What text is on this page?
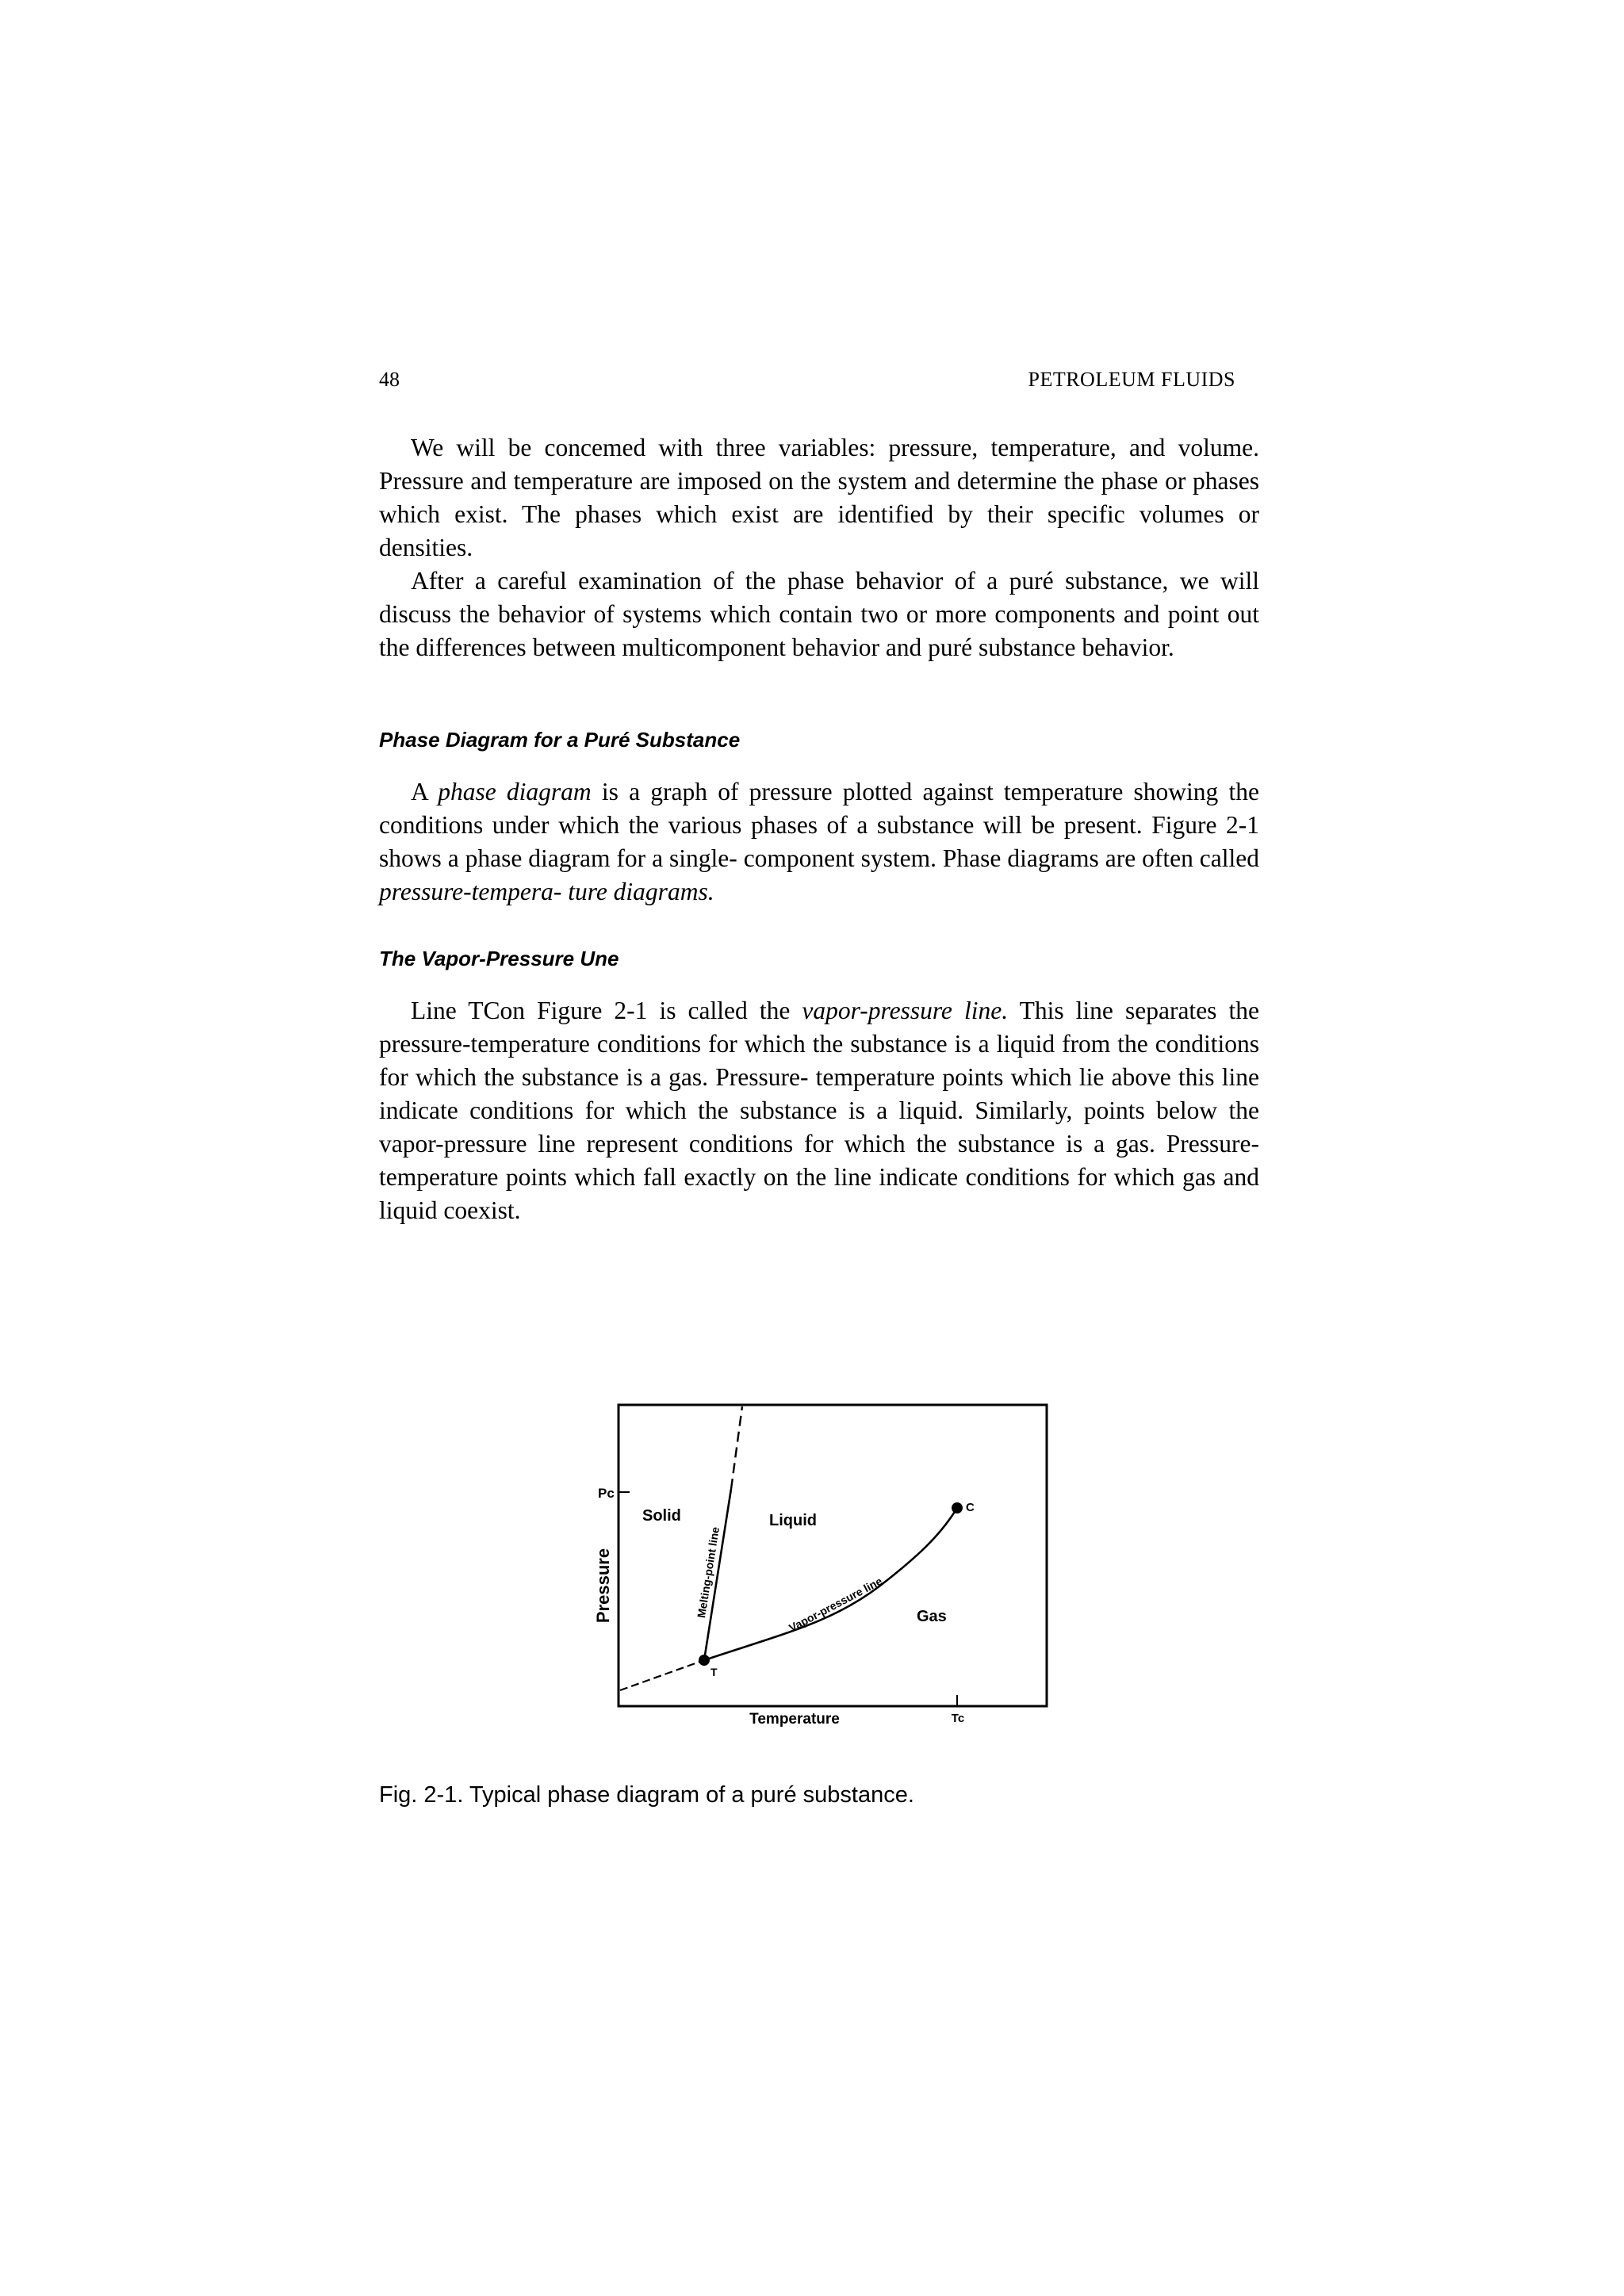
48	PETROLEUM FLUIDS

We will be concemed with three variables: pressure, temperature, and volume. Pressure and temperature are imposed on the system and determine the phase or phases which exist. The phases which exist are identified by their specific volumes or densities.

After a careful examination of the phase behavior of a puré substance, we will discuss the behavior of systems which contain two or more components and point out the differences between multicomponent behavior and puré substance behavior.

Phase Diagram for a Puré Substance

A phase diagram is a graph of pressure plotted against temperature showing the conditions under which the various phases of a substance will be present. Figure 2-1 shows a phase diagram for a single- component system. Phase diagrams are often called pressure-tempera- ture diagrams.

The Vapor-Pressure Une

Line TCon Figure 2-1 is called the vapor-pressure line. This line separates the pressure-temperature conditions for which the substance is a liquid from the conditions for which the substance is a gas. Pressure- temperature points which lie above this line indicate conditions for which the substance is a liquid. Similarly, points below the vapor-pressure line represent conditions for which the substance is a gas. Pressure-temperature points which fall exactly on the line indicate conditions for which gas and liquid coexist.

Pressure
Pc
Temperature	Tc
Solid	Liquid
Gas
T
C
Melting-point line	Vapor-pressure line
Fig. 2-1. Typical phase diagram of a puré substance.
